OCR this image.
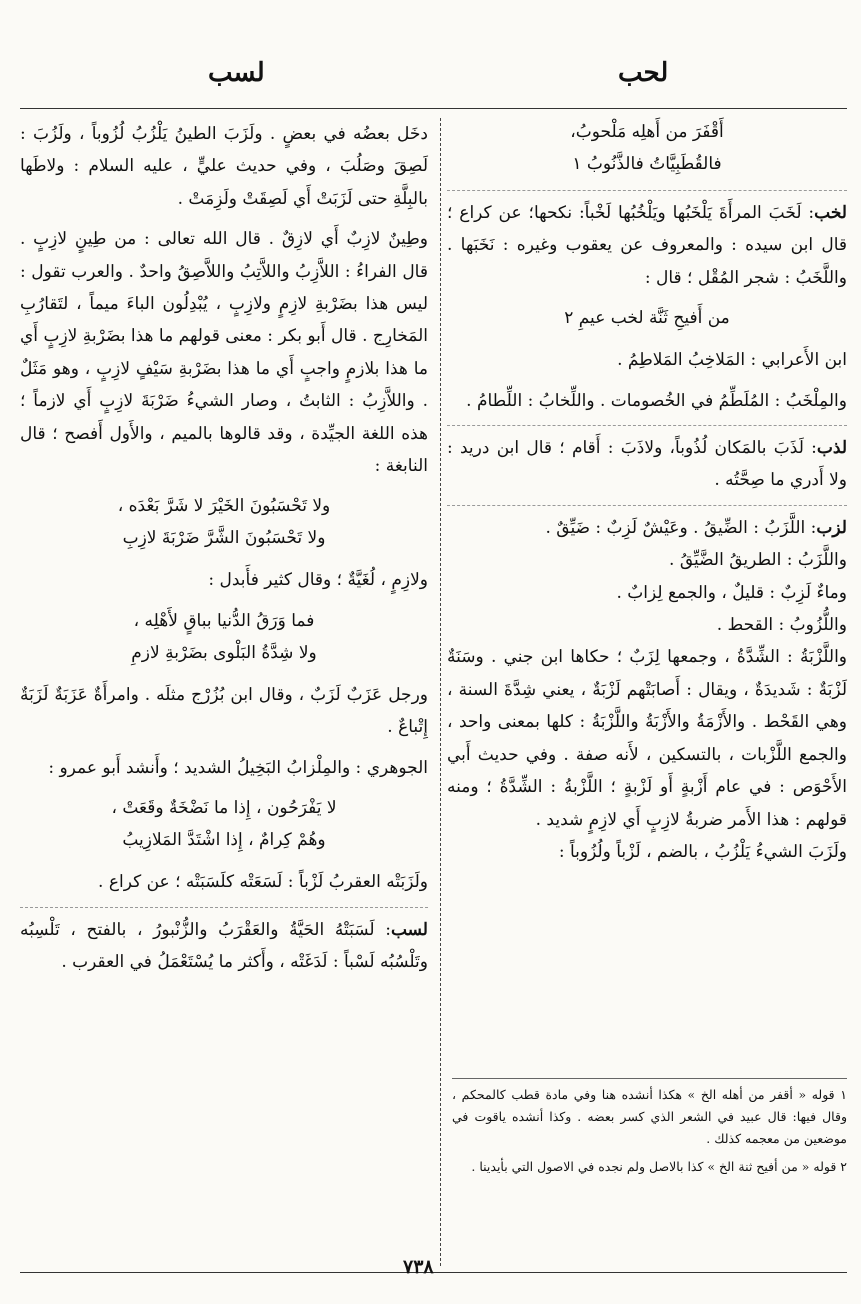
لسب	لحب
أَقْفَرَ من أَهلِه مَلْحوبُ،
فالقُطَبِيَّاتُ فالذَّنُوبُ ١

لخب: لَخَبَ المرأَةَ يَلْخَبُها ويَلْخُبُها لَخْباً: نكحها؛ عن كراع ؛ قال ابن سيده : والمعروف عن يعقوب وغيره : نَخَبَها . واللَّخَبُ : شجر المُقْل ؛ قال :

من أَفيحِ ثَنَّة لخب عيمِ ٢

ابن الأَعرابي : المَلاخِبُ المَلاطِمُ .

والمِلْخَبُ : المُلَطِّمُ في الخُصومات . واللِّخابُ : اللِّطامُ .

لذب: لَذَبَ بالمَكان لُذُوباً، ولاذَبَ : أَقام ؛ قال ابن دريد : ولا أَدري ما صِحَّتُه .

لزب: اللَّزَبُ : الضِّيقُ . وعَيْشٌ لَزِبٌ : ضَيِّقٌ .

واللَّزَبُ : الطريقُ الضَّيِّقُ .

وماءٌ لَزِبٌ : قليلٌ ، والجمع لِزابٌ .

واللُّزُوبُ : القحط .

واللَّزْبَةُ : الشِّدَّةُ ، وجمعها لِزَبٌ ؛ حكاها ابن جني . وسَنَةٌ لَزْبَةٌ : شَديدَةٌ ، ويقال : أَصابَتْهم لَزْبَةٌ ، يعني شِدَّةَ السنة ، وهي القَحْط . والأَزْمَةُ والأَزْبَةُ واللَّزْبَةُ : كلها بمعنى واحد ، والجمع اللَّزْبات ، بالتسكين ، لأَنه صفة . وفي حديث أَبي الأَحْوَص : في عام أَزْبةٍ أَو لَزْبةٍ ؛ اللَّزْبةُ : الشِّدَّةُ ؛ ومنه قولهم : هذا الأَمر ضربةُ لازِبٍ أَي لازِمٍ شديد .

ولَزَبَ الشيءُ يَلْزُبُ ، بالضم ، لَزْباً ولُزُوباً :

١ قوله « أقفر من أهله الخ » هكذا أنشده هنا وفي مادة قطب كالمحكم ، وقال فيها: قال عبيد في الشعر الذي كسر بعضه . وكذا أنشده ياقوت في موضعين من معجمه كذلك .

٢ قوله « من أفيح ثنة الخ » كذا بالاصل ولم نجده في الاصول التي بأيدينا .

دخَل بعضُه في بعضٍ . ولَزَبَ الطينُ يَلْزُبُ لُزُوباً ، ولَزُبَ : لَصِقَ وصَلُبَ ، وفي حديث عليٍّ ، عليه السلام : ولاطَها بالبِلَّةِ حتى لَزَبَتْ أَي لَصِقَتْ ولَزِمَتْ .

وطِينٌ لازِبٌ أَي لازِقٌ . قال الله تعالى : من طِينٍ لازِبٍ . قال الفراءُ : اللاَّزِبُ واللاَّتِبُ واللاَّصِقُ واحدٌ . والعرب تقول : ليس هذا بضَرْبةِ لازِمٍ ولازِبٍ ، يُبْدِلُون الباءَ ميماً ، لتَقارُبِ المَخارِج . قال أَبو بكر : معنى قولهم ما هذا بضَرْبةِ لازِبٍ أَي ما هذا بلازمٍ واجبٍ أَي ما هذا بضَرْبةِ سَيْفٍ لازِبٍ ، وهو مَثَلٌ . واللاَّزِبُ : الثابتُ ، وصار الشيءُ ضَرْبَةَ لازِبٍ أَي لازماً ؛ هذه اللغة الجيِّدة ، وقد قالوها بالميم ، والأَول أَفصح ؛ قال النابغة :

ولا تَحْسَبُونَ الخَيْرَ لا شَرَّ بَعْدَه ،
ولا تَحْسَبُونَ الشَّرَّ ضَرْبَةَ لازِبِ

ولازِمٍ ، لُغَيَّةٌ ؛ وقال كثير فأَبدل :

فما وَرَقُ الدُّنيا بباقٍ لأَهْلِه ،
ولا شِدَّةُ البَلْوى بضَرْبةِ لازمِ

ورجل عَزَبٌ لَزَبٌ ، وقال ابن بُزُرْج مثلَه . وامرأَةٌ عَزَبَةٌ لَزَبَةٌ إِتْباعٌ .

الجوهري : والمِلْزابُ البَخِيلُ الشديد ؛ وأَنشد أَبو عمرو :

لا يَفْرَحُون ، إِذا ما نَضْخَةٌ وقَعَتْ ،
وهُمْ كِرامٌ ، إِذا اشْتَدَّ المَلازِيبُ

ولَزَبَتْه العقربُ لَزْباً : لَسَعَتْه كلَسَبَتْه ؛ عن كراع .

لسب: لَسَبَتْهُ الحَيَّةُ والعَقْرَبُ والزُّنْبورُ ، بالفتح ، تَلْسِبُه وتَلْسُبُه لَسْباً : لَدَغَتْه ، وأَكثر ما يُسْتَعْمَلُ في العقرب .

٧٣٨
